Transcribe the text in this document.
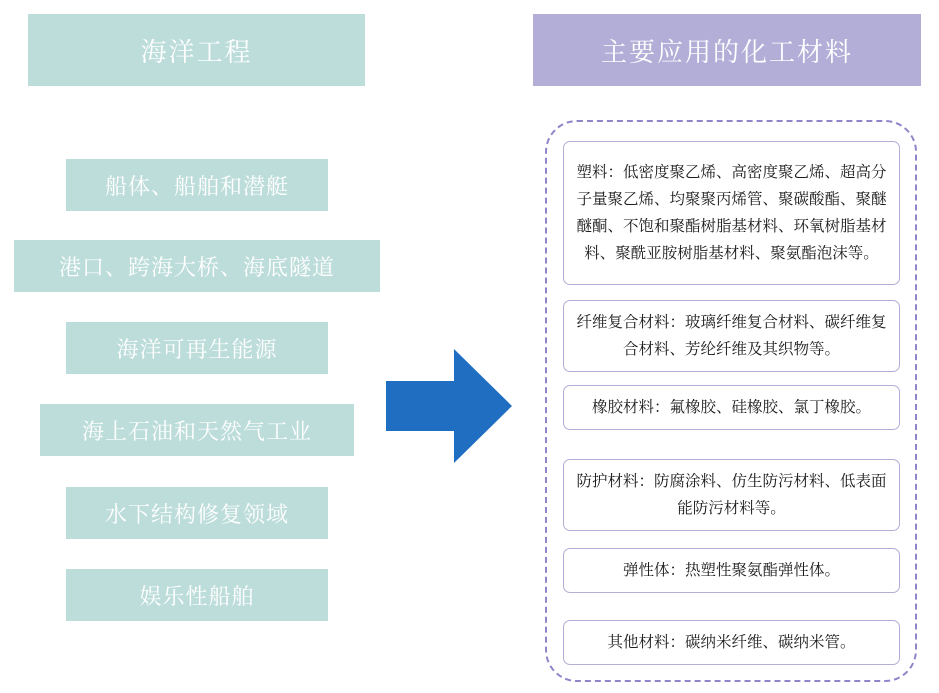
海洋工程
船体、船舶和潜艇
港口、跨海大桥、海底隧道
海洋可再生能源
海上石油和天然气工业
水下结构修复领域
娱乐性船舶
主要应用的化工材料
塑料：低密度聚乙烯、高密度聚乙烯、超高分子量聚乙烯、均聚聚丙烯管、聚碳酸酯、聚醚醚酮、不饱和聚酯树脂基材料、环氧树脂基材料、聚酰亚胺树脂基材料、聚氨酯泡沫等。
纤维复合材料：玻璃纤维复合材料、碳纤维复合材料、芳纶纤维及其织物等。
橡胶材料：氟橡胶、硅橡胶、氯丁橡胶。
防护材料：防腐涂料、仿生防污材料、低表面能防污材料等。
弹性体：热塑性聚氨酯弹性体。
其他材料：碳纳米纤维、碳纳米管。
